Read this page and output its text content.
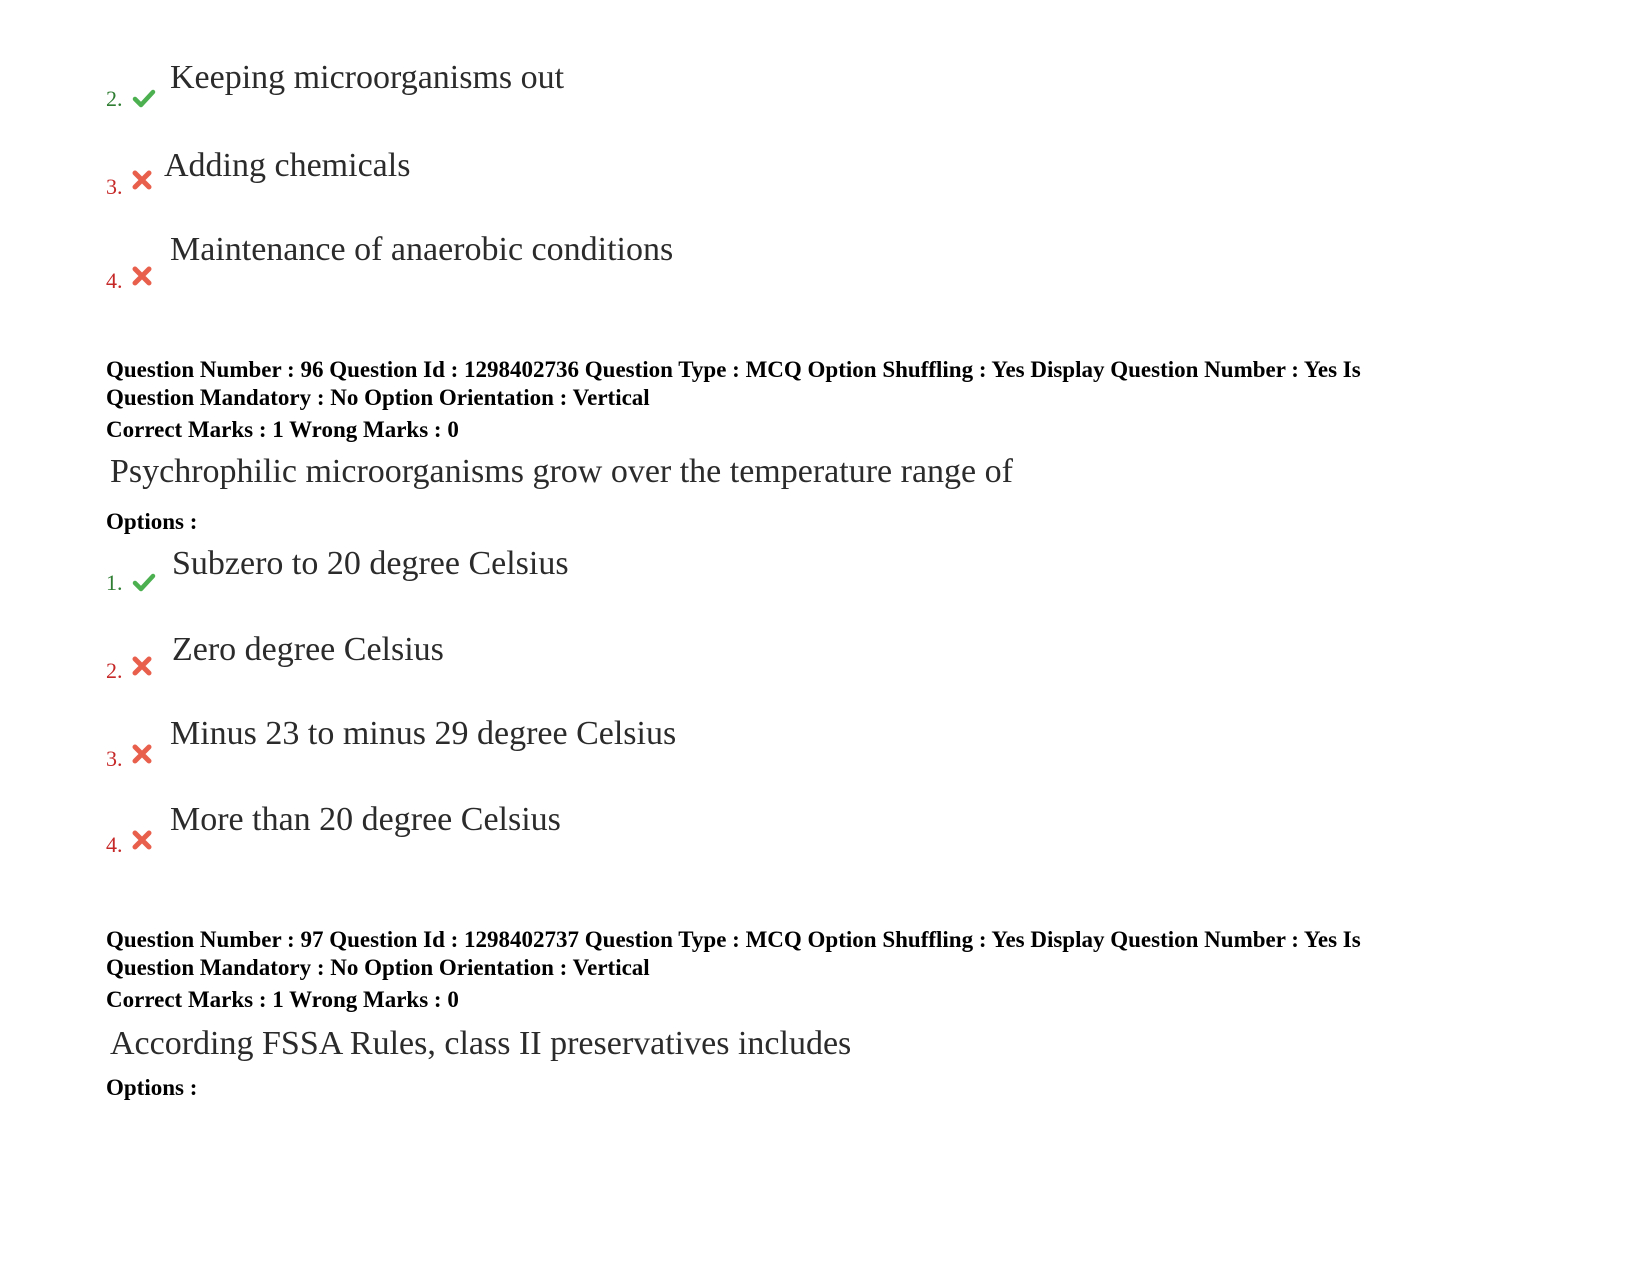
2.
Keeping microorganisms out
3.
Adding chemicals
4.
Maintenance of anaerobic conditions
Question Number : 96 Question Id : 1298402736 Question Type : MCQ Option Shuffling : Yes Display Question Number : Yes Is
Question Mandatory : No Option Orientation : Vertical
Correct Marks : 1 Wrong Marks : 0
Psychrophilic microorganisms grow over the temperature range of
Options :
1.
Subzero to 20 degree Celsius
2.
Zero degree Celsius
3.
Minus 23 to minus 29 degree Celsius
4.
More than 20 degree Celsius
Question Number : 97 Question Id : 1298402737 Question Type : MCQ Option Shuffling : Yes Display Question Number : Yes Is
Question Mandatory : No Option Orientation : Vertical
Correct Marks : 1 Wrong Marks : 0
According FSSA Rules, class II preservatives includes
Options :
